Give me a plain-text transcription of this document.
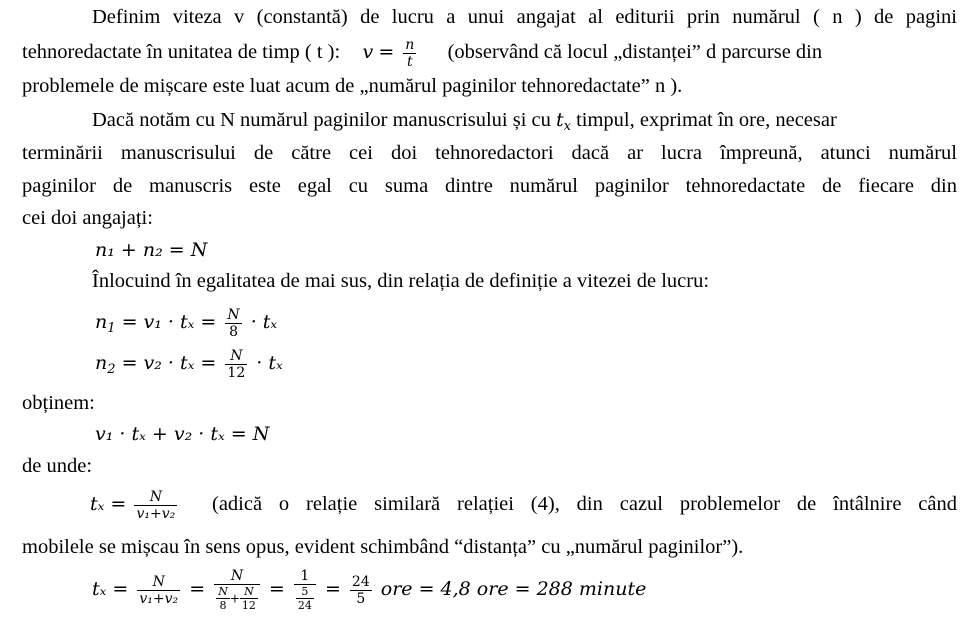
Definim viteza v (constantă) de lucru a unui angajat al editurii prin numărul ( n ) de pagini
tehnoredactate în unitatea de timp ( t ): $v = \frac{n}{t}$ (observând că locul „distanței” d parcurse din
problemele de mișcare este luat acum de „numărul paginilor tehnoredactate” n ).
Dacă notăm cu N numărul paginilor manuscrisului și cu $t_x$ timpul, exprimat în ore, necesar
terminării manuscrisului de către cei doi tehnoredactori dacă ar lucra împreună, atunci numărul
paginilor de manuscris este egal cu suma dintre numărul paginilor tehnoredactate de fiecare din
cei doi angajați:
n₁ + n₂ = N
Înlocuind în egalitatea de mai sus, din relația de definiție a vitezei de lucru:
$n_1 = v_1 \cdot t_x = \frac{N}{8} \cdot t_x$
$n_2 = v_2 \cdot t_x = \frac{N}{12} \cdot t_x$
obținem:
v₁ · tₓ + v₂ · tₓ = N
de unde:
$t_x = \frac{N}{\text{v₁+v₂}}$ (adică o relație similară relației (4), din cazul problemelor de întâlnire când
mobilele se mișcau în sens opus, evident schimbând “distanța” cu „numărul paginilor”).
$t_x = \frac{N}{\text{v₁+v₂}} = \frac{N}{\frac{N}{8} + \frac{N}{12}} = \frac{1}{\frac{5}{24}} = \frac{24}{5}$ ore = 4,8 ore = 288 minute
